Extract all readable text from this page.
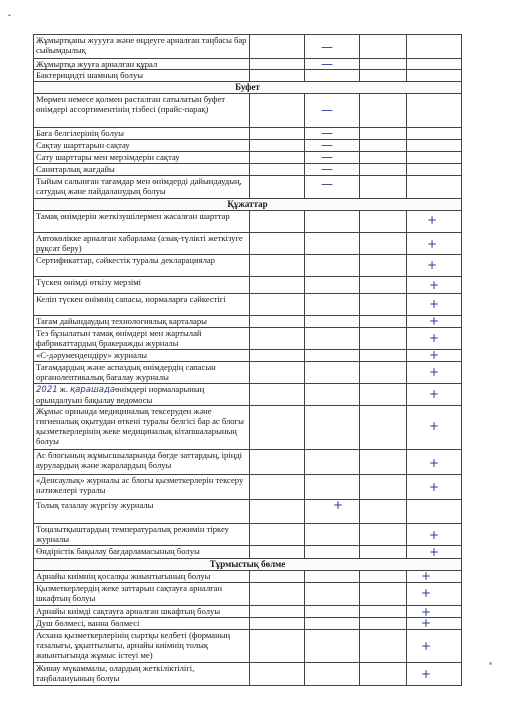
ˬ
Жұмыртқаны жуууға және өңдеуге арналған таңбасы бар сыйымдылық		—		

Жұмыртқа жууға арналған құрал		—		

Бактерицидті шамның болуы				
Буфет				
Мөрмен немесе қолмен расталған сатылатын буфет өнімдері ассортиментінің тізбесі (прайс-парақ)		—		

Баға белгілерінің болуы		—		

Сақтау шарттарын сақтау		—		

Сату шарттары мен мерзімдерін сақтау		—		

Санитарлық жағдайы		—		

Тыйым салынған тағамдар мен өнімдерді дайындаудың, сатудың және пайдаланудың болуы		—		

Құжаттар				
Тамақ өнімдерін жеткізушілермен жасалған шарттар				+

Автокөлікке арналған хабарлама (азық-түлікті жеткізуге рұқсат беру)				+

Сертификаттар, сәйкестік туралы декларациялар				+

Түскен өнімді өткізу мерзімі				+

Келіп түскен өнімнің сапасы, нормаларға сәйкестігі				+

Тағам дайындаудың технологиялық карталары				+

Тез бұзылатын тамақ өнімдері мен жартылай фабрикаттардың бракеражды журналы				+

«С-дәрумендендіру» журналы				+

Тағамдардың және аспаздық өнімдердің сапасын органолептикалық бағалау журналы				+

2021 ж. қарашадаөнімдері нормаларының орындалуын бақылау ведомосы				+

Жұмыс орнында медициналық тексеруден және гигиеналық оқытудан өткені туралы белгісі бар ас блогы қызметкерлерінің жеке медициналық кітапшаларының болуы				+

Ас блогының жұмысшыларында бөгде заттардың, іріңді аурулардың және жаралардың болуы				+

«Денсаулық» журналы ас блогы қызметкерлерін тексеру нәтижелері туралы				+

Толық тазалау жүргізу журналы		+		

Тоңазытқыштардың температуралық режимін тіркеу журналы				+

Өндірістік бақылау бағдарламасының болуы				+

Тұрмыстық бөлме				
Арнайы киімнің қосалқы жиынтығының болуы				+

Қызметкерлердің жеке заттарын сақтауға арналған шкафтың болуы				+

Арнайы киімді сақтауға арналған шкафтың болуы				+

Душ бөлмесі, ванна бөлмесі				+

Асхана қызметкерлерінің сыртқы келбеті (форманың тазалығы, ұқыптылығы, арнайы киімнің толық жиынтығында жұмыс істеуі ме)				+

Жинау мүкаммалы, олардың жеткіліктілігі, таңбалануының болуы				+
